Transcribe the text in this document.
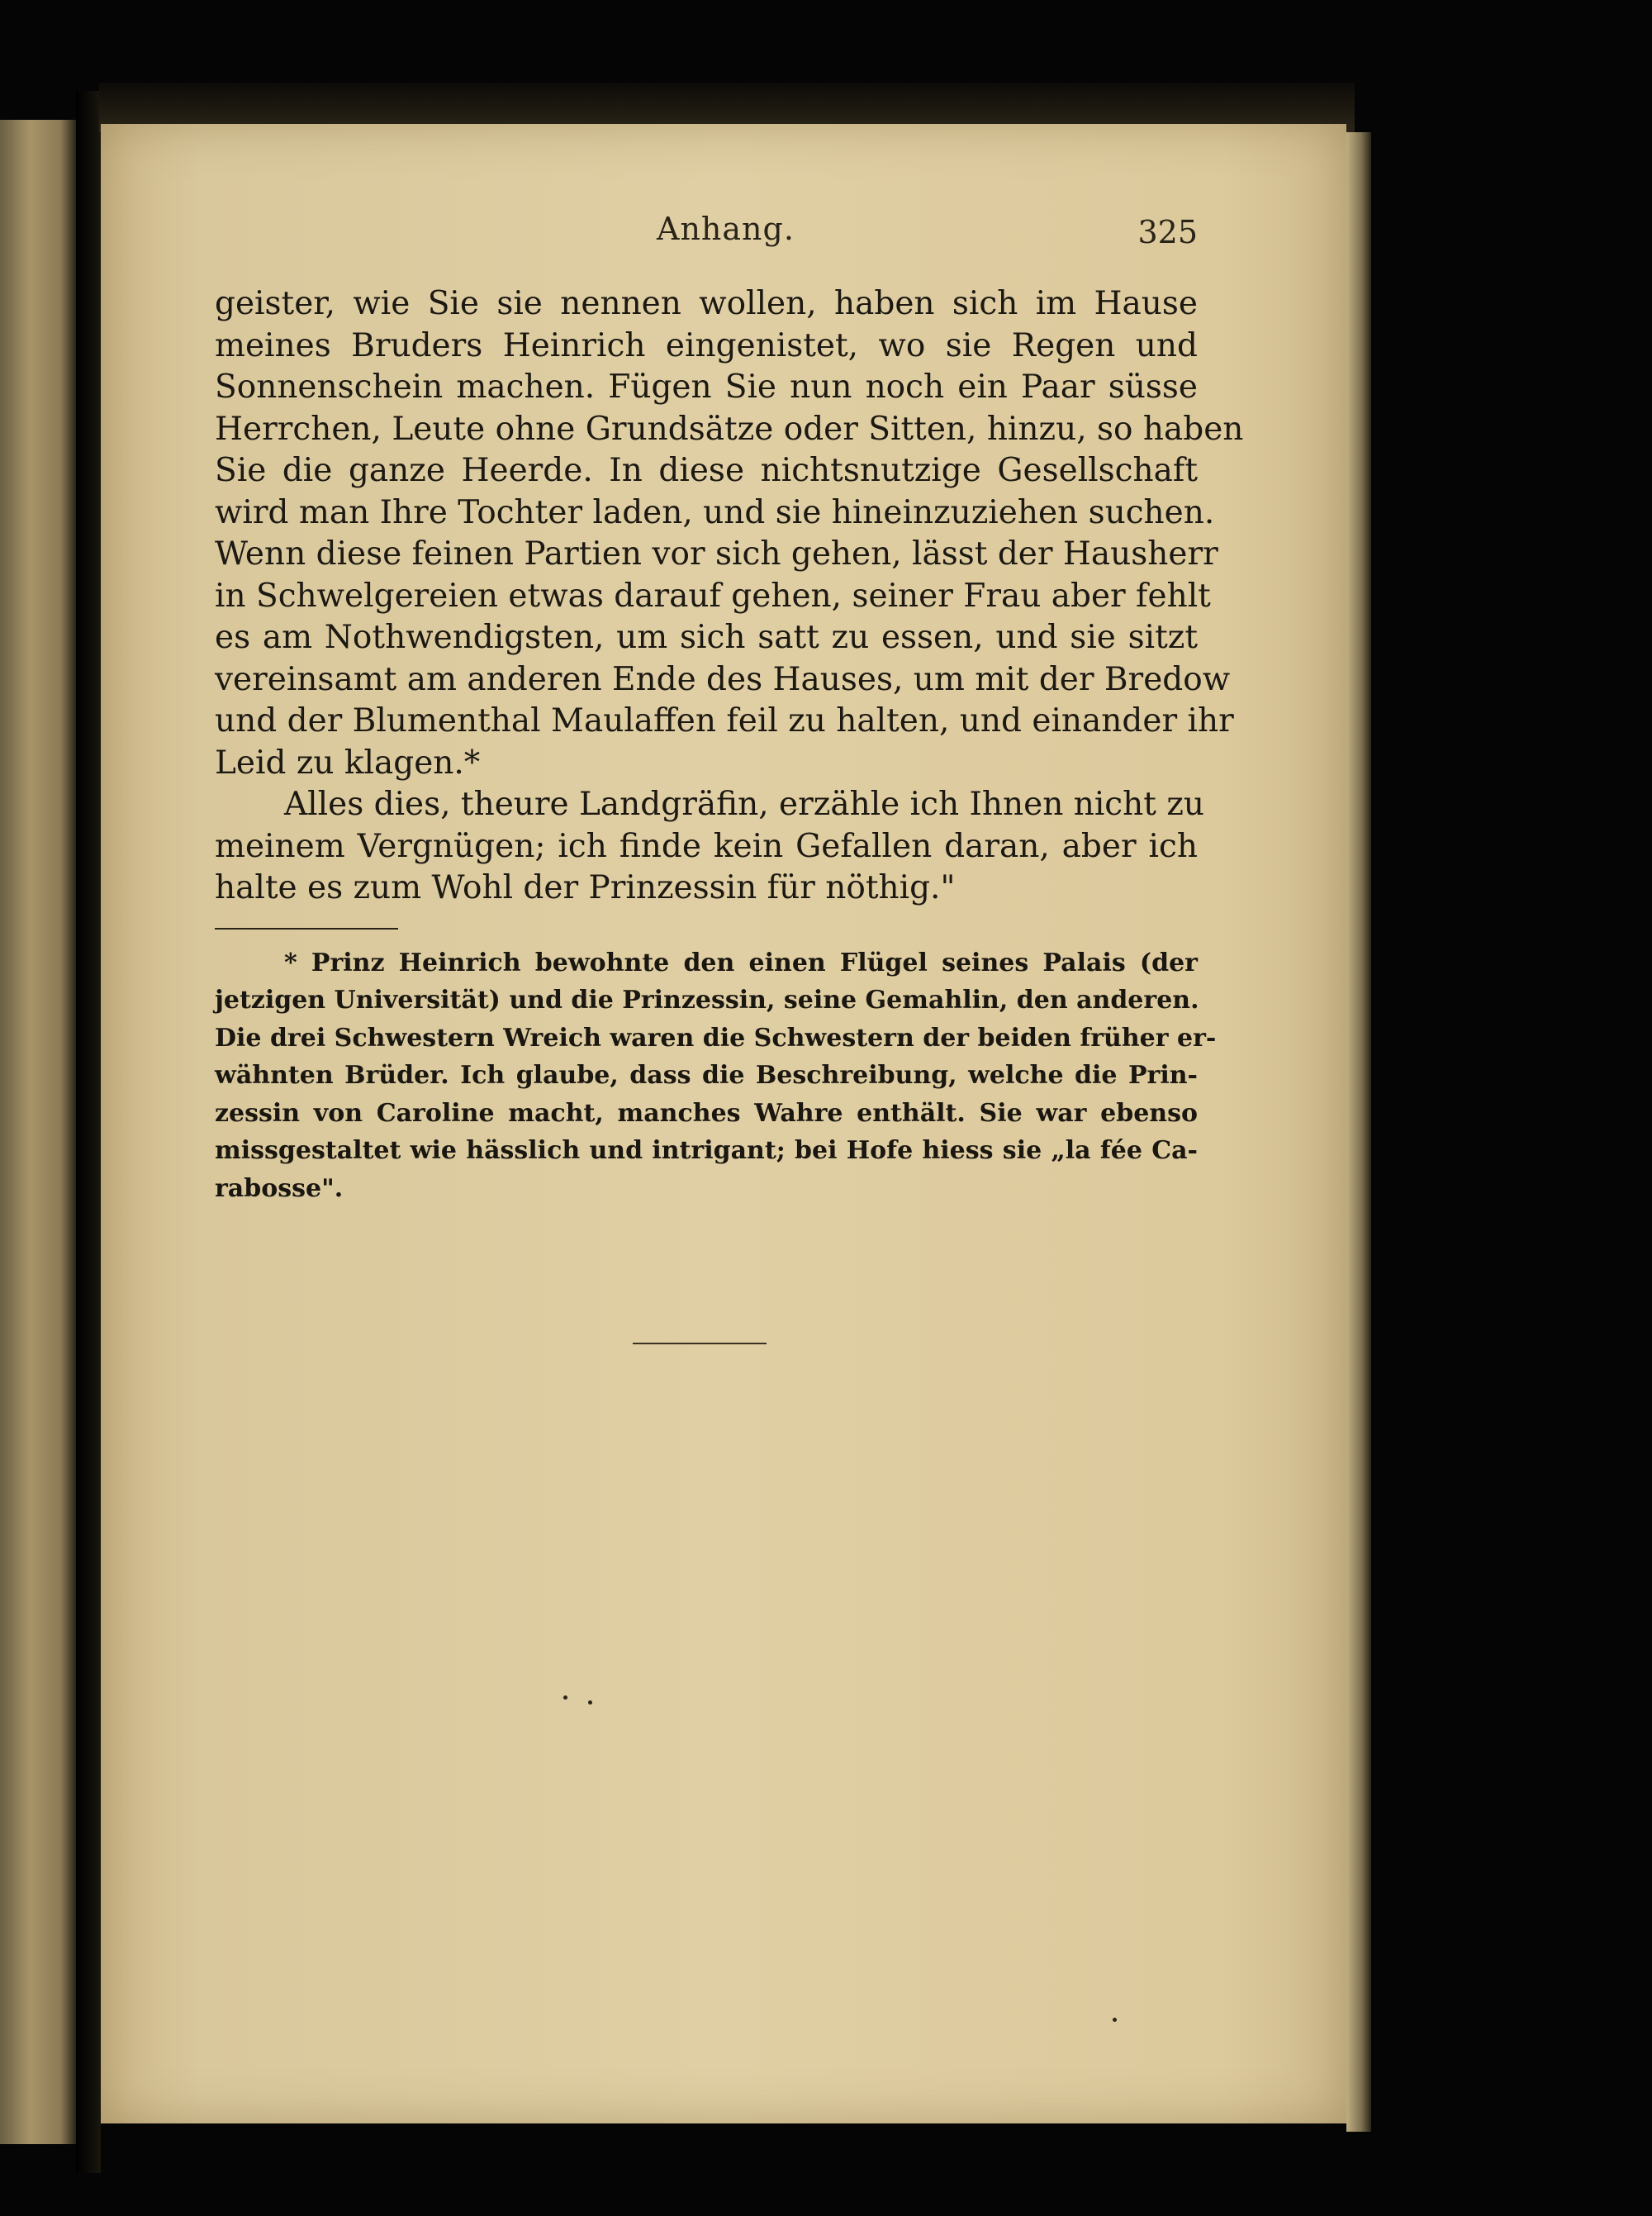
Anhang.	325
geister, wie Sie sie nennen wollen, haben sich im Hause
meines Bruders Heinrich eingenistet, wo sie Regen und
Sonnenschein machen. Fügen Sie nun noch ein Paar süsse
Herrchen, Leute ohne Grundsätze oder Sitten, hinzu, so haben
Sie die ganze Heerde. In diese nichtsnutzige Gesellschaft
wird man Ihre Tochter laden, und sie hineinzuziehen suchen.
Wenn diese feinen Partien vor sich gehen, lässt der Hausherr
in Schwelgereien etwas darauf gehen, seiner Frau aber fehlt
es am Nothwendigsten, um sich satt zu essen, und sie sitzt
vereinsamt am anderen Ende des Hauses, um mit der Bredow
und der Blumenthal Maulaffen feil zu halten, und einander ihr
Leid zu klagen.*
Alles dies, theure Landgräfin, erzähle ich Ihnen nicht zu
meinem Vergnügen; ich finde kein Gefallen daran, aber ich
halte es zum Wohl der Prinzessin für nöthig."
* Prinz Heinrich bewohnte den einen Flügel seines Palais (der
jetzigen Universität) und die Prinzessin, seine Gemahlin, den anderen.
Die drei Schwestern Wreich waren die Schwestern der beiden früher er-
wähnten Brüder. Ich glaube, dass die Beschreibung, welche die Prin-
zessin von Caroline macht, manches Wahre enthält. Sie war ebenso
missgestaltet wie hässlich und intrigant; bei Hofe hiess sie „la fée Ca-
rabosse".
